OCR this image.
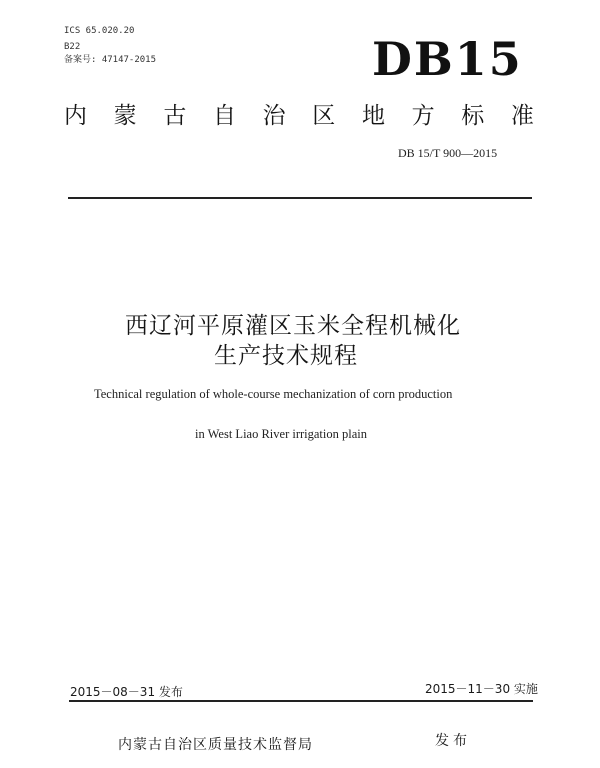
ICS 65.020.20
B22
备案号: 47147-2015	DB15
内 蒙 古 自 治 区 地 方 标 准
DB 15/T 900—2015
西辽河平原灌区玉米全程机械化
生产技术规程
Technical regulation of whole-course mechanization of corn production
in West Liao River irrigation plain
2015－08－31 发布	2015－11－30 实施
内蒙古自治区质量技术监督局	发布
